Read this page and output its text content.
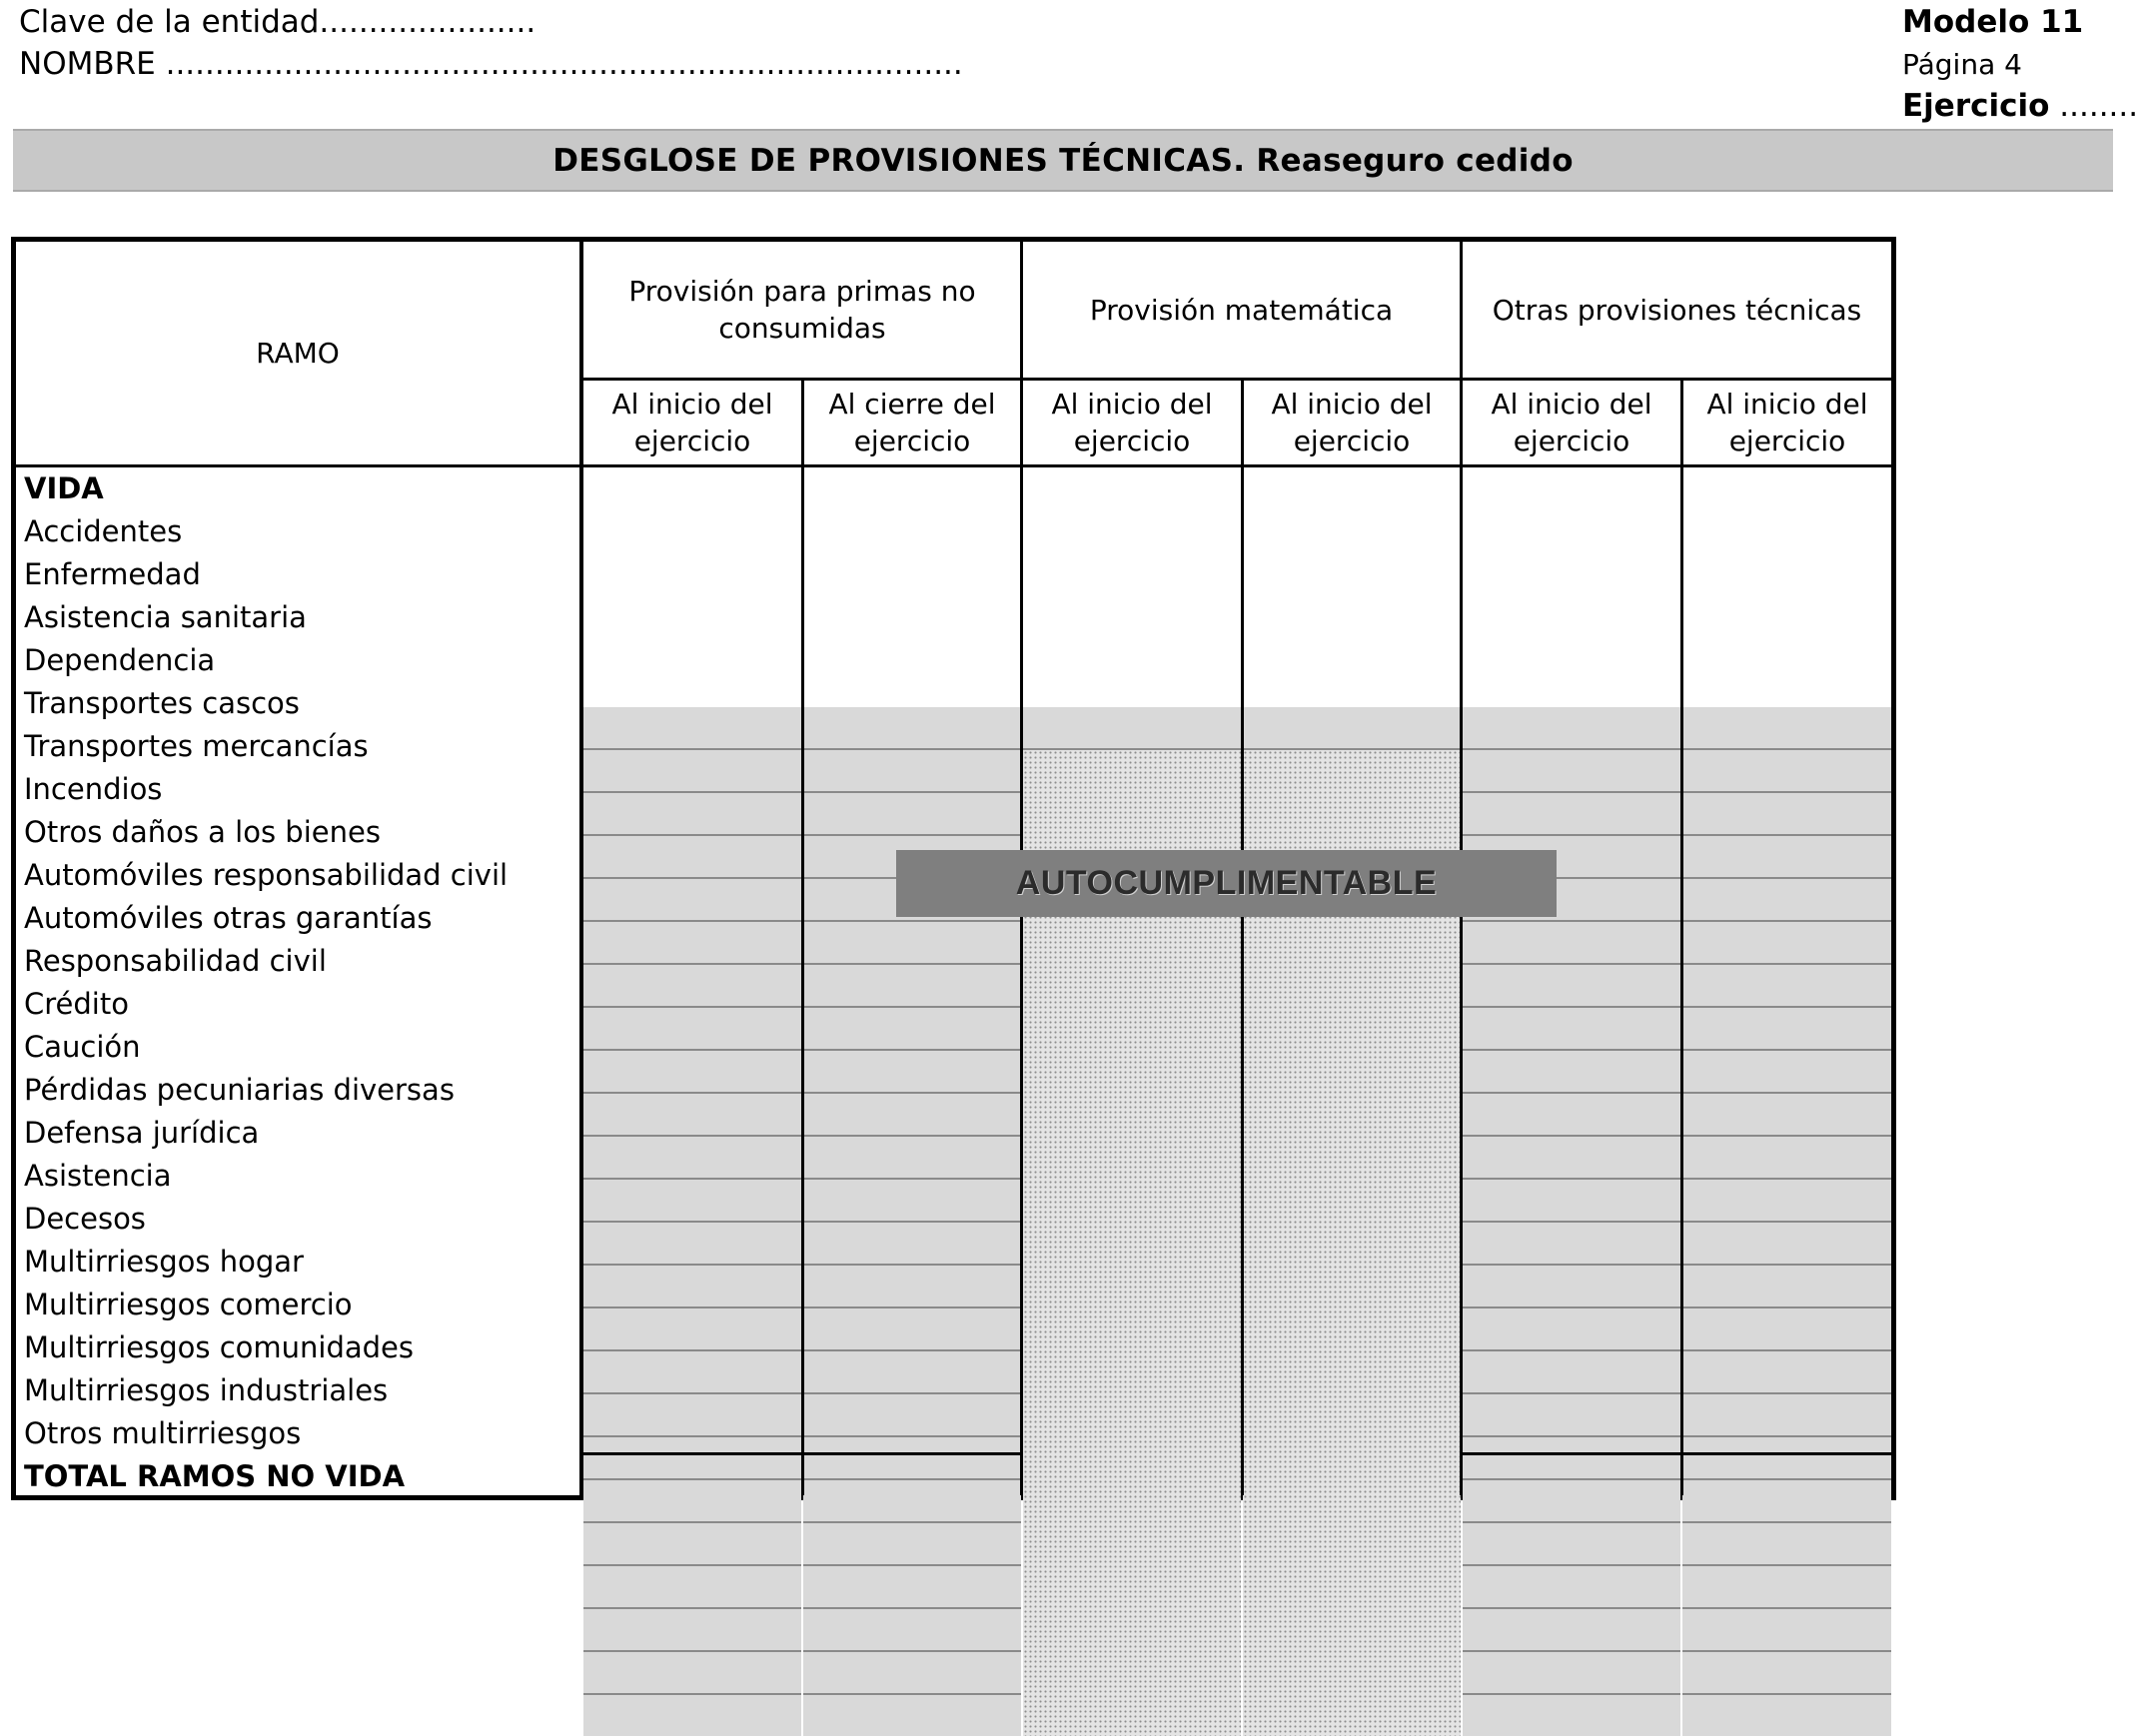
Clave de la entidad......................
NOMBRE .................................................................................
Modelo 11
Página 4
Ejercicio ........
DESGLOSE DE PROVISIONES TÉCNICAS. Reaseguro cedido
RAMO
Provisión para primas no consumidas
Provisión matemática	Otras provisiones técnicas
Al inicio del ejercicio
Al cierre del ejercicio
Al inicio del ejercicio
Al inicio del ejercicio
Al inicio del ejercicio
Al inicio del ejercicio
VIDA
Accidentes
Enfermedad
Asistencia sanitaria
Dependencia
Transportes cascos
Transportes mercancías
Incendios
Otros daños a los bienes
Automóviles responsabilidad civil
Automóviles otras garantías
Responsabilidad civil
Crédito
Caución
Pérdidas pecuniarias diversas
Defensa jurídica
Asistencia
Decesos
Multirriesgos hogar
Multirriesgos comercio
Multirriesgos comunidades
Multirriesgos industriales
Otros multirriesgos
TOTAL RAMOS NO VIDA
AUTOCUMPLIMENTABLE
